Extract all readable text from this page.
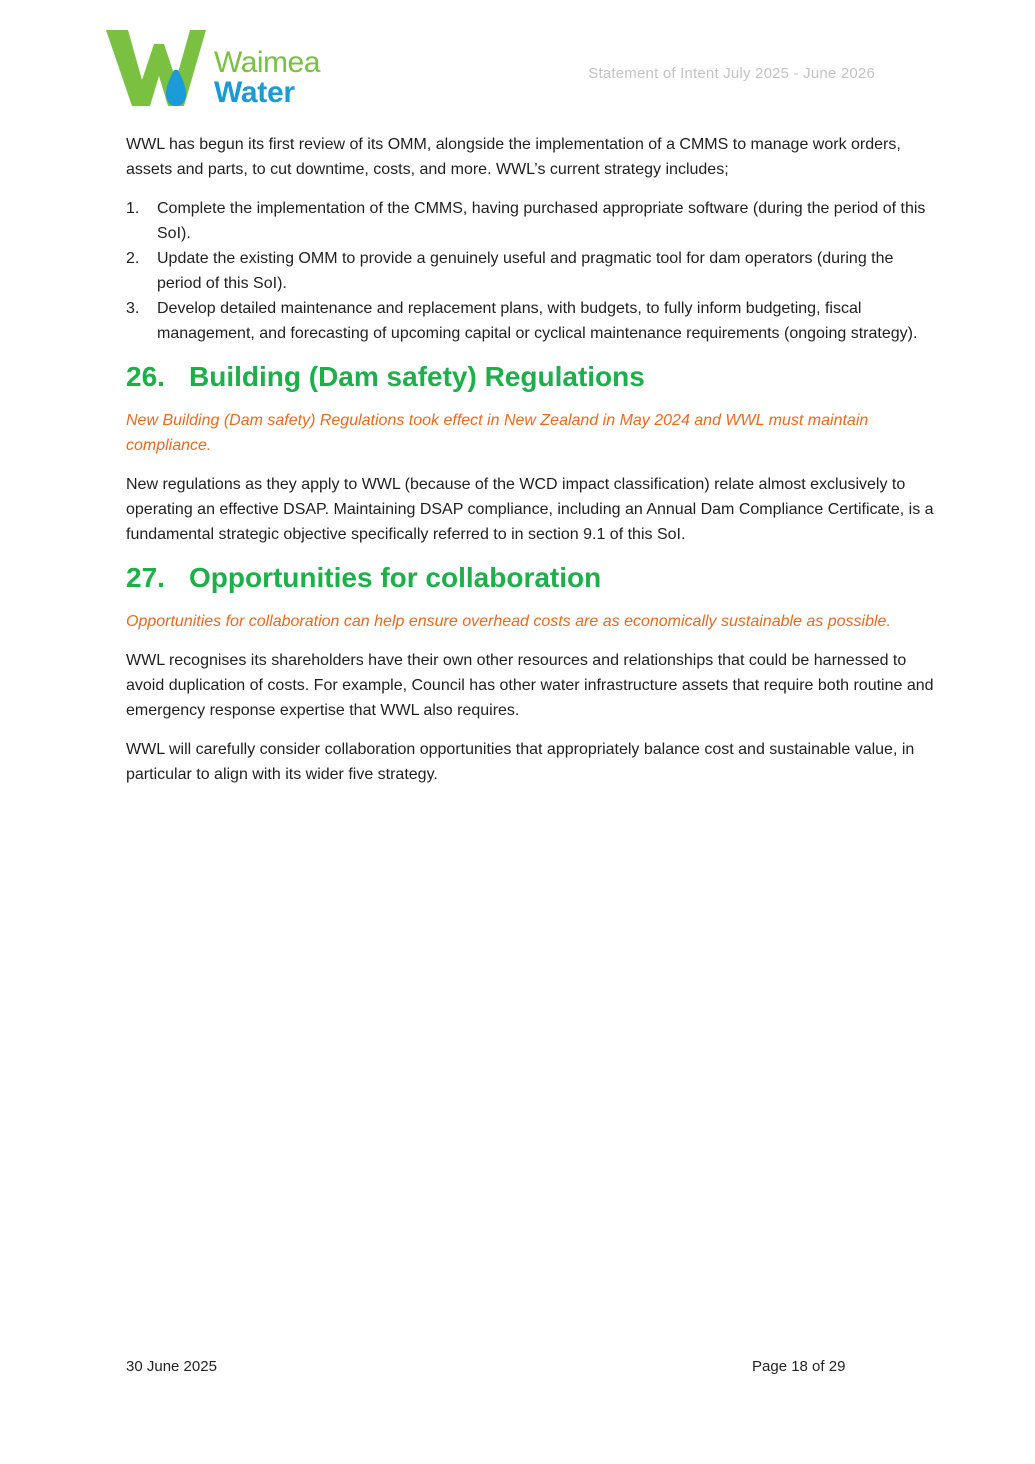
Waimea
Water
Statement of Intent July 2025 - June 2026

WWL has begun its first review of its OMM, alongside the implementation of a CMMS to manage work orders, assets and parts, to cut downtime, costs, and more. WWL’s current strategy includes;

1. Complete the implementation of the CMMS, having purchased appropriate software (during the period of this SoI).
2. Update the existing OMM to provide a genuinely useful and pragmatic tool for dam operators (during the period of this SoI).
3. Develop detailed maintenance and replacement plans, with budgets, to fully inform budgeting, fiscal management, and forecasting of upcoming capital or cyclical maintenance requirements (ongoing strategy).
26. Building (Dam safety) Regulations

New Building (Dam safety) Regulations took effect in New Zealand in May 2024 and WWL must maintain compliance.

New regulations as they apply to WWL (because of the WCD impact classification) relate almost exclusively to operating an effective DSAP. Maintaining DSAP compliance, including an Annual Dam Compliance Certificate, is a fundamental strategic objective specifically referred to in section 9.1 of this SoI.

27. Opportunities for collaboration

Opportunities for collaboration can help ensure overhead costs are as economically sustainable as possible.

WWL recognises its shareholders have their own other resources and relationships that could be harnessed to avoid duplication of costs. For example, Council has other water infrastructure assets that require both routine and emergency response expertise that WWL also requires.

WWL will carefully consider collaboration opportunities that appropriately balance cost and sustainable value, in particular to align with its wider five strategy.

30 June 2025	Page 18 of 29
